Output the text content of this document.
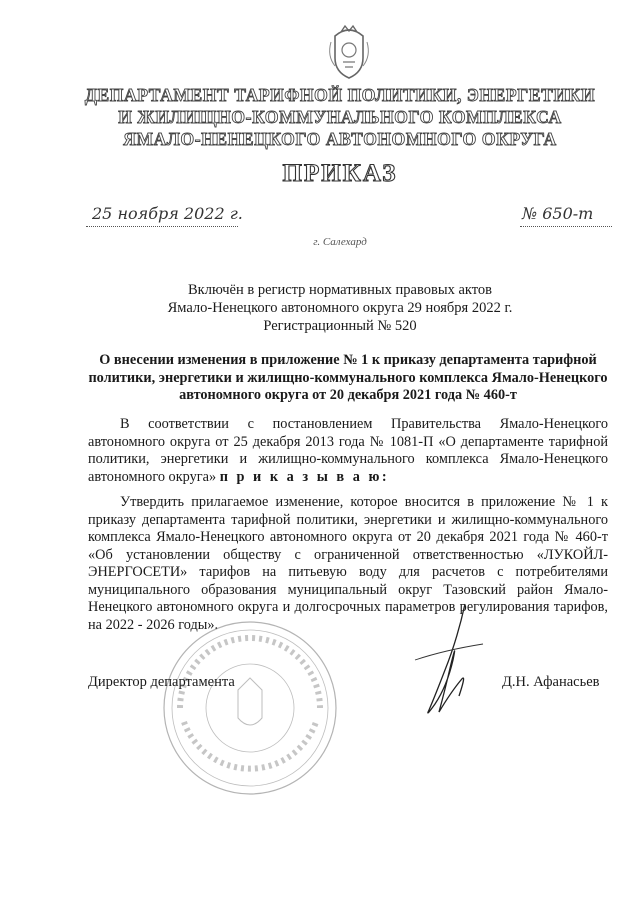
ДЕПАРТАМЕНТ ТАРИФНОЙ ПОЛИТИКИ, ЭНЕРГЕТИКИ
И ЖИЛИЩНО-КОММУНАЛЬНОГО КОМПЛЕКСА
ЯМАЛО-НЕНЕЦКОГО АВТОНОМНОГО ОКРУГА
ПРИКАЗ
25 ноября 2022 г.	№ 650-т
г. Салехард
Включён в регистр нормативных правовых актов
Ямало-Ненецкого автономного округа 29 ноября 2022 г.
Регистрационный № 520
О внесении изменения в приложение № 1 к приказу департамента тарифной политики, энергетики и жилищно-коммунального комплекса Ямало-Ненецкого автономного округа от 20 декабря 2021 года № 460-т
В соответствии с постановлением Правительства Ямало-Ненецкого автономного округа от 25 декабря 2013 года № 1081-П «О департаменте тарифной политики, энергетики и жилищно-коммунального комплекса Ямало-Ненецкого автономного округа» п р и к а з ы в а ю:
Утвердить прилагаемое изменение, которое вносится в приложение № 1 к приказу департамента тарифной политики, энергетики и жилищно-коммунального комплекса Ямало-Ненецкого автономного округа от 20 декабря 2021 года № 460-т «Об установлении обществу с ограниченной ответственностью «ЛУКОЙЛ-ЭНЕРГОСЕТИ» тарифов на питьевую воду для расчетов с потребителями муниципального образования муниципальный округ Тазовский район Ямало-Ненецкого автономного округа и долгосрочных параметров регулирования тарифов, на 2022 - 2026 годы».
Директор департамента	Д.Н. Афанасьев
